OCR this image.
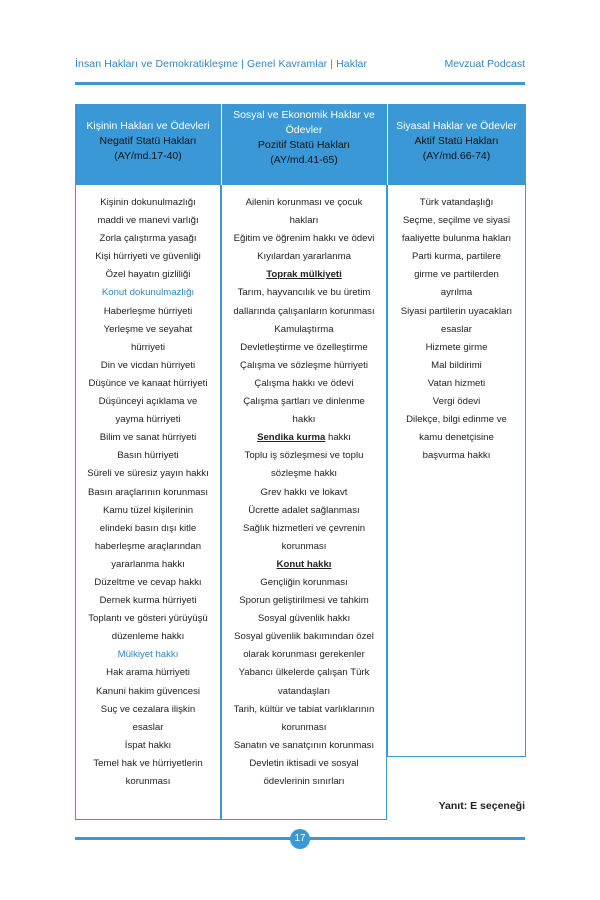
İnsan Hakları ve Demokratikleşme | Genel Kavramlar | Haklar	Mevzuat Podcast
Kişinin Hakları ve Ödevleri
Negatif Statü Hakları
(AY/md.17-40)
Kişinin dokunulmazlığı
maddi ve manevi varlığı
Zorla çalıştırma yasağı
Kişi hürriyeti ve güvenliği
Özel hayatın gizliliği
Konut dokunulmazlığı
Haberleşme hürriyeti
Yerleşme ve seyahat
hürriyeti
Din ve vicdan hürriyeti
Düşünce ve kanaat hürriyeti
Düşünceyi açıklama ve
yayma hürriyeti
Bilim ve sanat hürriyeti
Basın hürriyeti
Süreli ve süresiz yayın hakkı
Basın araçlarının korunması
Kamu tüzel kişilerinin
elindeki basın dışı kitle
haberleşme araçlarından
yararlanma hakkı
Düzeltme ve cevap hakkı
Dernek kurma hürriyeti
Toplantı ve gösteri yürüyüşü
düzenleme hakkı
Mülkiyet hakkı
Hak arama hürriyeti
Kanuni hakim güvencesi
Suç ve cezalara ilişkin
esaslar
İspat hakkı
Temel hak ve hürriyetlerin
korunması
Sosyal ve Ekonomik Haklar ve Ödevler
Pozitif Statü Hakları
(AY/md.41-65)
Ailenin korunması ve çocuk
hakları
Eğitim ve öğrenim hakkı ve ödevi
Kıyılardan yararlanma
Toprak mülkiyeti
Tarım, hayvancılık ve bu üretim
dallarında çalışanların korunması
Kamulaştırma
Devletleştirme ve özelleştirme
Çalışma ve sözleşme hürriyeti
Çalışma hakkı ve ödevi
Çalışma şartları ve dinlenme
hakkı
Sendika kurma hakkı
Toplu iş sözleşmesi ve toplu
sözleşme hakkı
Grev hakkı ve lokavt
Ücrette adalet sağlanması
Sağlık hizmetleri ve çevrenin
korunması
Konut hakkı
Gençliğin korunması
Sporun geliştirilmesi ve tahkim
Sosyal güvenlik hakkı
Sosyal güvenlik bakımından özel
olarak korunması gerekenler
Yabancı ülkelerde çalışan Türk
vatandaşları
Tarih, kültür ve tabiat varlıklarının
korunması
Sanatın ve sanatçının korunması
Devletin iktisadi ve sosyal
ödevlerinin sınırları
Siyasal Haklar ve Ödevler
Aktif Statü Hakları
(AY/md.66-74)
Türk vatandaşlığı
Seçme, seçilme ve siyasi
faaliyette bulunma hakları
Parti kurma, partilere
girme ve partilerden
ayrılma
Siyasi partilerin uyacakları
esaslar
Hizmete girme
Mal bildirimi
Vatan hizmeti
Vergi ödevi
Dilekçe, bilgi edinme ve
kamu denetçisine
başvurma hakkı
Yanıt: E seçeneği
17
